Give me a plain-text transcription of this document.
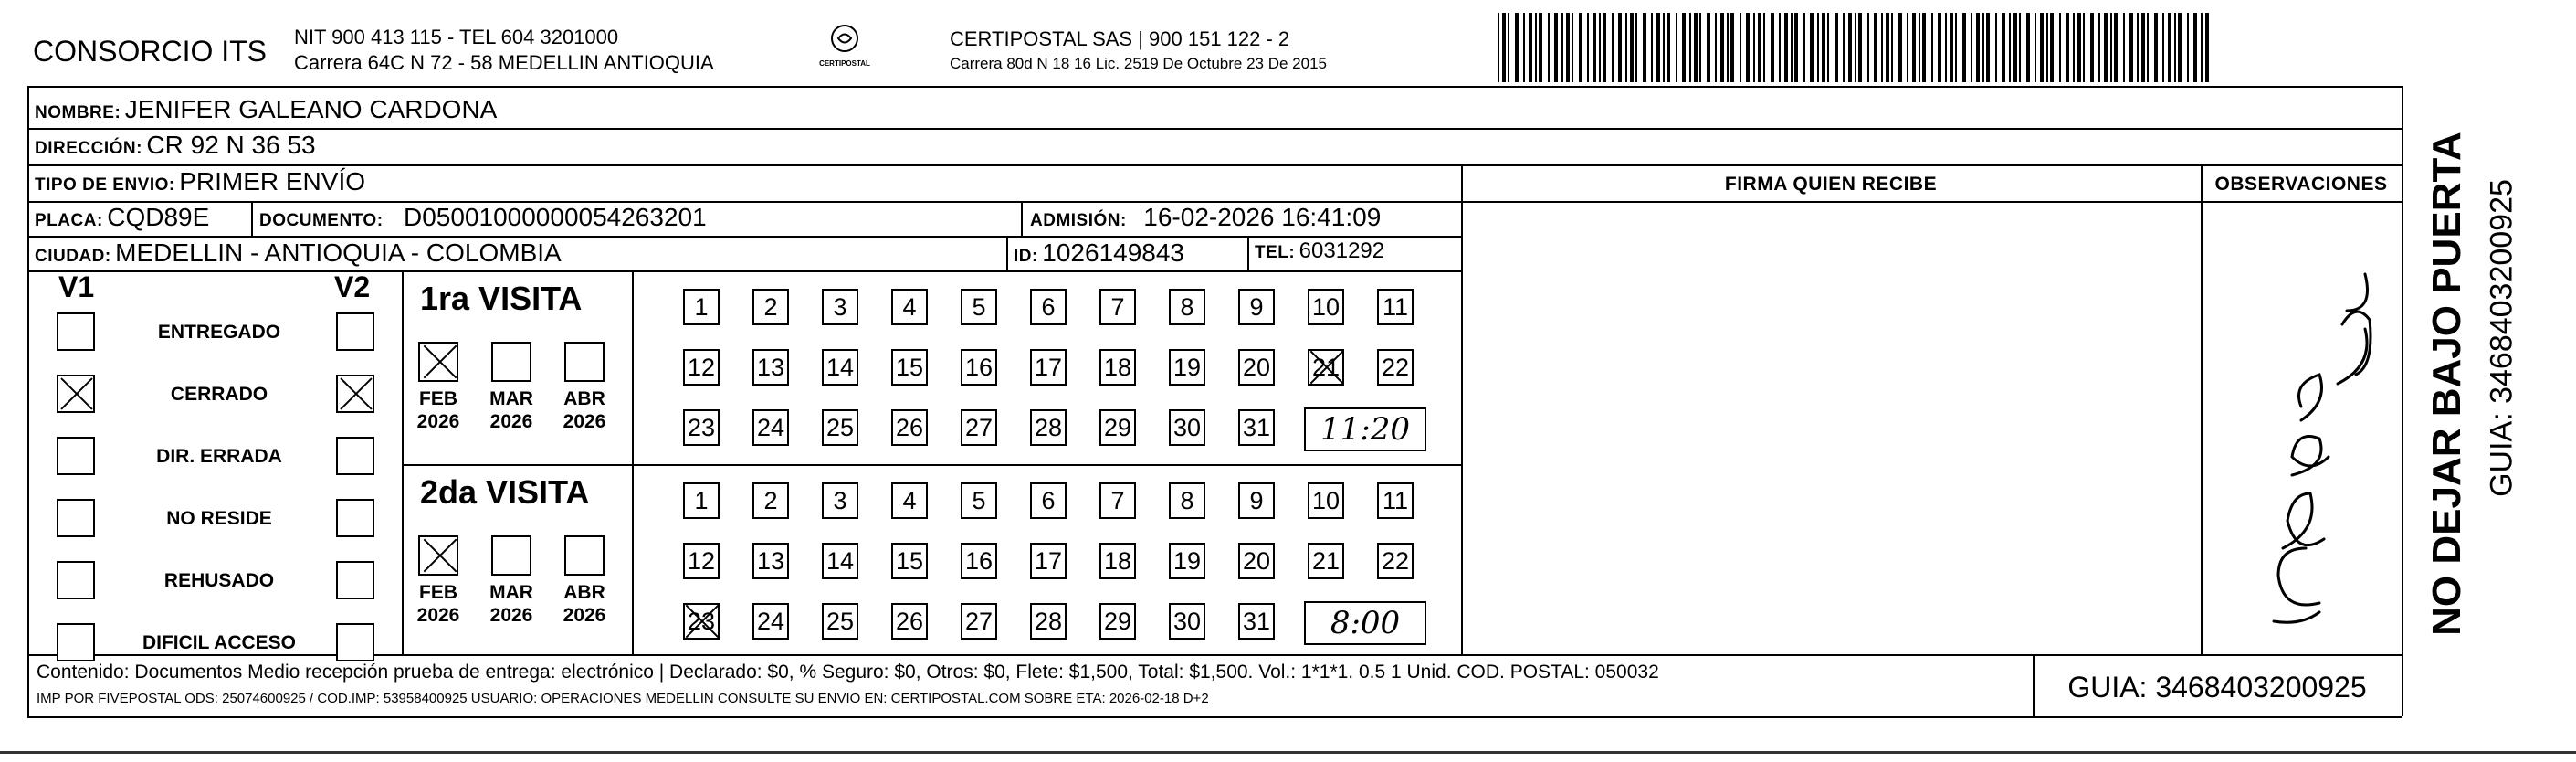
CONSORCIO ITS NIT 900 413 115 - TEL 604 3201000
Carrera 64C N 72 - 58 MEDELLIN ANTIOQUIA	CERTIPOSTAL
CERTIPOSTAL SAS | 900 151 122 - 2
Carrera 80d N 18 16 Lic. 2519 De Octubre 23 De 2015
NOMBRE: JENIFER GALEANO CARDONA
DIRECCIÓN: CR 92 N 36 53
TIPO DE ENVIO: PRIMER ENVÍO	FIRMA QUIEN RECIBE	OBSERVACIONES
PLACA: CQD89E	DOCUMENTO: D05001000000054263201	ADMISIÓN: 16-02-2026 16:41:09
CIUDAD: MEDELLIN - ANTIOQUIA - COLOMBIA	ID: 1026149843	TEL: 6031292
V1	V2
ENTREGADO
CERRADO
DIR. ERRADA
NO RESIDE
REHUSADO
DIFICIL ACCESO
1ra VISITA
FEB
2026
MAR
2026
ABR
2026
1	2	3	4	5	6	7	8	9	10 11
12 13 14 15 16 17 18 19 20 21 22
23 24 25 26 27 28 29 30 31	11:20
2da VISITA
FEB
2026
MAR
2026
ABR
2026
1	2	3	4	5	6	7	8	9	10 11
12 13 14 15 16 17 18 19 20 21 22
23 24 25 26 27 28 29 30 31	8:00	NO DEJAR BAJO PUERTA GUIA: 3468403200925
Contenido: Documentos Medio recepción prueba de entrega: electrónico | Declarado: $0, % Seguro: $0, Otros: $0, Flete: $1,500, Total: $1,500. Vol.: 1*1*1. 0.5 1 Unid. COD. POSTAL: 050032
IMP POR FIVEPOSTAL ODS: 25074600925 / COD.IMP: 53958400925 USUARIO: OPERACIONES MEDELLIN CONSULTE SU ENVIO EN: CERTIPOSTAL.COM SOBRE ETA: 2026-02-18 D+2	GUIA: 3468403200925
